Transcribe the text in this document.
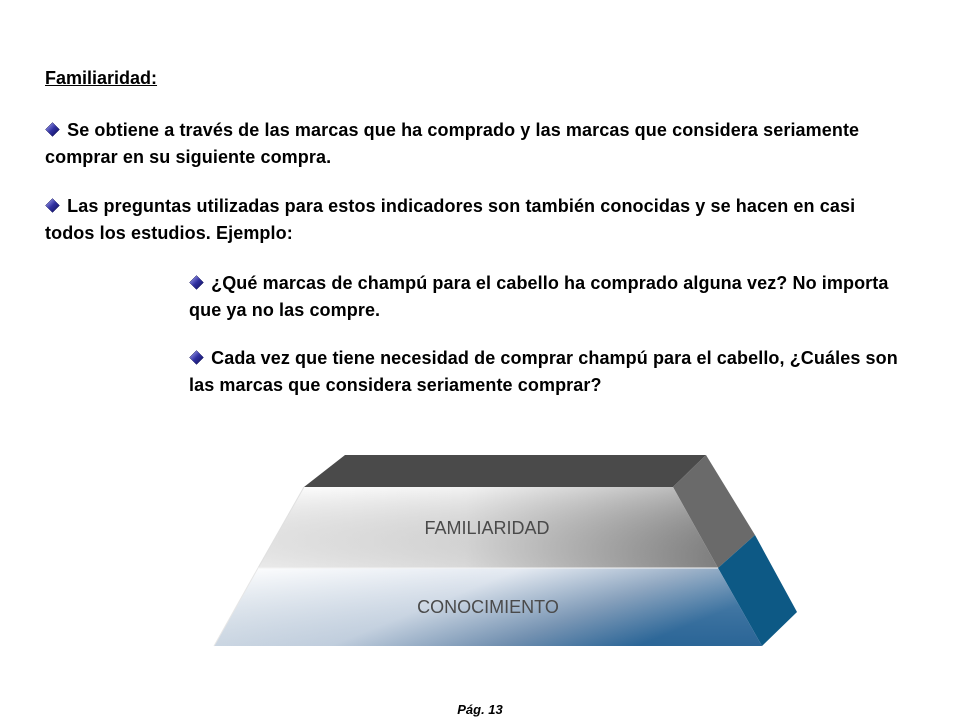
Familiaridad:

Se obtiene a través de las marcas que ha comprado y las marcas que considera seriamente comprar en su siguiente compra.

Las preguntas utilizadas para estos indicadores son también conocidas y se hacen en casi todos los estudios. Ejemplo:

¿Qué marcas de champú para el cabello ha comprado alguna vez? No importa que ya no las compre.

Cada vez que tiene necesidad de comprar champú para el cabello, ¿Cuáles son las marcas que considera seriamente comprar?

FAMILIARIDAD
CONOCIMIENTO
Pág. 13
